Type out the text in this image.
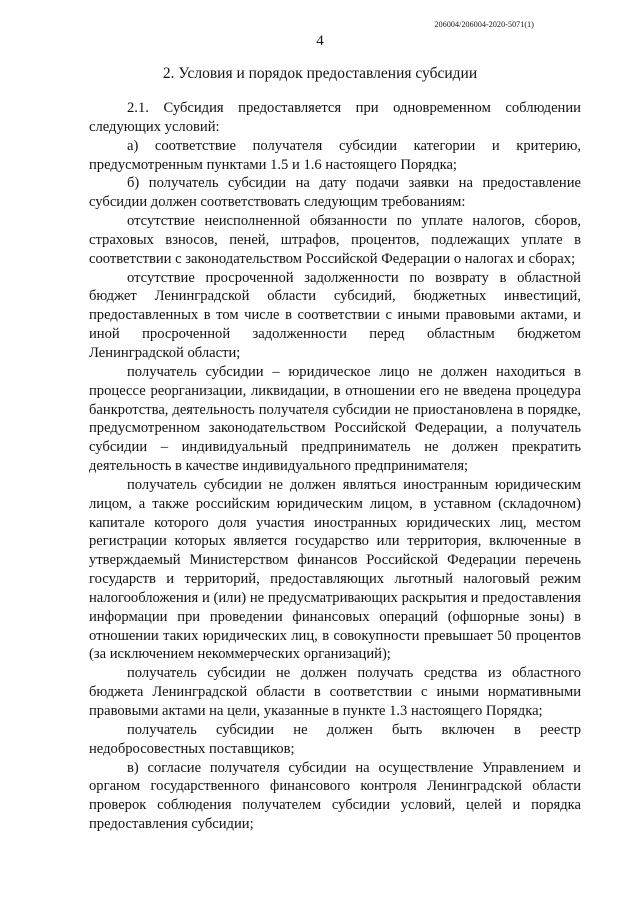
206004/206004-2020-5071(1)
4
2. Условия и порядок предоставления субсидии

2.1. Субсидия предоставляется при одновременном соблюдении следующих условий:

а) соответствие получателя субсидии категории и критерию, предусмотренным пунктами 1.5 и 1.6 настоящего Порядка;

б) получатель субсидии на дату подачи заявки на предоставление субсидии должен соответствовать следующим требованиям:

отсутствие неисполненной обязанности по уплате налогов, сборов, страховых взносов, пеней, штрафов, процентов, подлежащих уплате в соответствии с законодательством Российской Федерации о налогах и сборах;

отсутствие просроченной задолженности по возврату в областной бюджет Ленинградской области субсидий, бюджетных инвестиций, предоставленных в том числе в соответствии с иными правовыми актами, и иной просроченной задолженности перед областным бюджетом Ленинградской области;

получатель субсидии – юридическое лицо не должен находиться в процессе реорганизации, ликвидации, в отношении его не введена процедура банкротства, деятельность получателя субсидии не приостановлена в порядке, предусмотренном законодательством Российской Федерации, а получатель субсидии – индивидуальный предприниматель не должен прекратить деятельность в качестве индивидуального предпринимателя;

получатель субсидии не должен являться иностранным юридическим лицом, а также российским юридическим лицом, в уставном (складочном) капитале которого доля участия иностранных юридических лиц, местом регистрации которых является государство или территория, включенные в утверждаемый Министерством финансов Российской Федерации перечень государств и территорий, предоставляющих льготный налоговый режим налогообложения и (или) не предусматривающих раскрытия и предоставления информации при проведении финансовых операций (офшорные зоны) в отношении таких юридических лиц, в совокупности превышает 50 процентов (за исключением некоммерческих организаций);

получатель субсидии не должен получать средства из областного бюджета Ленинградской области в соответствии с иными нормативными правовыми актами на цели, указанные в пункте 1.3 настоящего Порядка;

получатель субсидии не должен быть включен в реестр недобросовестных поставщиков;

в) согласие получателя субсидии на осуществление Управлением и органом государственного финансового контроля Ленинградской области проверок соблюдения получателем субсидии условий, целей и порядка предоставления субсидии;
